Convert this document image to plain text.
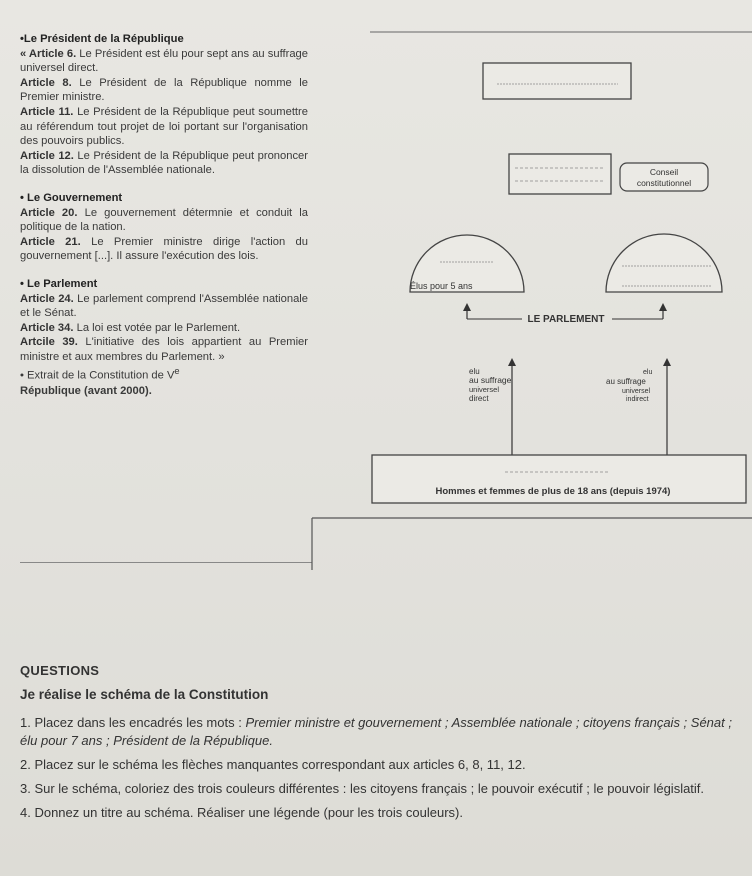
•Le Président de la République

« Article 6. Le Président est élu pour sept ans au suffrage universel direct.

Article 8. Le Président de la République nomme le Premier ministre.

Article 11. Le Président de la République peut soumettre au référendum tout projet de loi portant sur l'organisation des pouvoirs publics.

Article 12. Le Président de la République peut prononcer la dissolution de l'Assemblée nationale.

• Le Gouvernement

Article 20. Le gouvernement détermnie et conduit la politique de la nation.

Article 21. Le Premier ministre dirige l'action du gouvernement [...]. Il assure l'exécution des lois.

• Le Parlement

Article 24. Le parlement comprend l'Assemblée nationale et le Sénat.

Article 34. La loi est votée par le Parlement.

Artcile 39. L'initiative des lois appartient au Premier ministre et aux membres du Parlement. »

• Extrait de la Constitution de Ve
République (avant 2000).

Conseil
constitutionnel
Élus pour 5 ans
LE PARLEMENT
elu
au suffrage
universel
direct
elu
au suffrage
universel
indirect
Hommes et femmes de plus de 18 ans (depuis 1974)

QUESTIONS

Je réalise le schéma de la Constitution

1. Placez dans les encadrés les mots : Premier ministre et gouvernement ; Assemblée nationale ; citoyens français ; Sénat ; élu pour 7 ans ; Président de la République.

2. Placez sur le schéma les flèches manquantes correspondant aux articles 6, 8, 11, 12.

3. Sur le schéma, coloriez des trois couleurs différentes : les citoyens français ; le pouvoir exécutif ; le pouvoir législatif.

4. Donnez un titre au schéma. Réaliser une légende (pour les trois couleurs).
